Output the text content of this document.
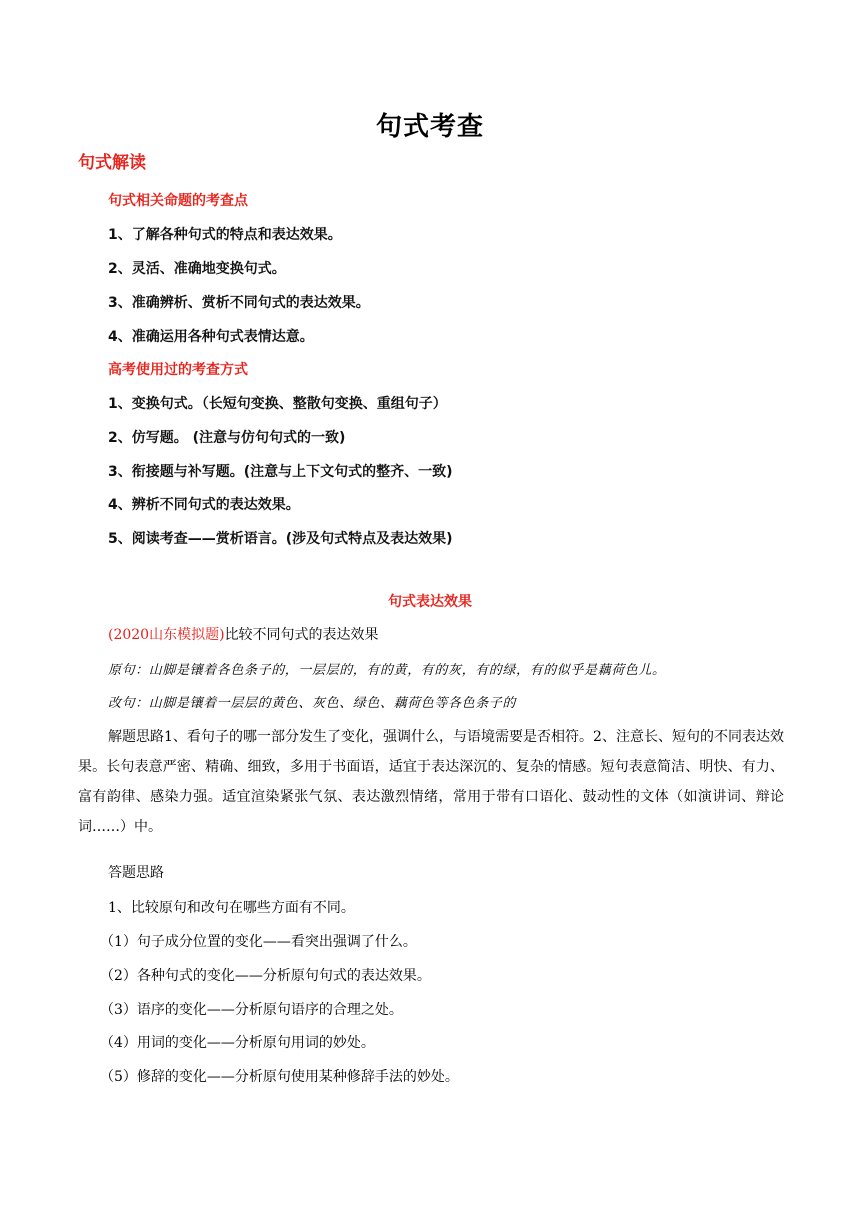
句式考查
句式解读
句式相关命题的考查点
1、了解各种句式的特点和表达效果。
2、灵活、准确地变换句式。
3、准确辨析、赏析不同句式的表达效果。
4、准确运用各种句式表情达意。
高考使用过的考查方式
1、变换句式。（长短句变换、整散句变换、重组句子）
2、仿写题。 (注意与仿句句式的一致)
3、衔接题与补写题。(注意与上下文句式的整齐、一致)
4、辨析不同句式的表达效果。
5、阅读考查——赏析语言。(涉及句式特点及表达效果)
句式表达效果
(2020山东模拟题)比较不同句式的表达效果
原句：山脚是镶着各色条子的，一层层的，有的黄，有的灰，有的绿，有的似乎是藕荷色儿。
改句：山脚是镶着一层层的黄色、灰色、绿色、藕荷色等各色条子的
解题思路1、看句子的哪一部分发生了变化，强调什么，与语境需要是否相符。2、注意长、短句的不同表达效果。长句表意严密、精确、细致，多用于书面语，适宜于表达深沉的、复杂的情感。短句表意简洁、明快、有力、富有韵律、感染力强。适宜渲染紧张气氛、表达激烈情绪，常用于带有口语化、鼓动性的文体（如演讲词、辩论词……）中。
答题思路
1、比较原句和改句在哪些方面有不同。
（1）句子成分位置的变化——看突出强调了什么。
（2）各种句式的变化——分析原句句式的表达效果。
（3）语序的变化——分析原句语序的合理之处。
（4）用词的变化——分析原句用词的妙处。
（5）修辞的变化——分析原句使用某种修辞手法的妙处。
